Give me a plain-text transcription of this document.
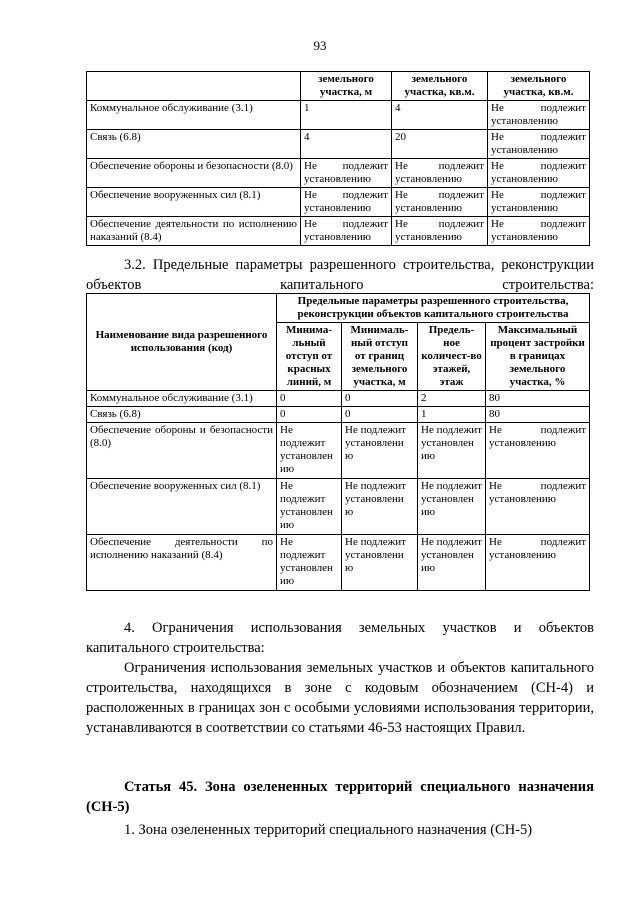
93
	земельного участка, м	земельного участка, кв.м.	земельного участка, кв.м.
Коммунальное обслуживание (3.1)	1	4	Не подлежит установлению
Связь (6.8)	4	20	Не подлежит установлению
Обеспечение обороны и безопасности (8.0)	Не подлежит установлению	Не подлежит установлению	Не подлежит установлению
Обеспечение вооруженных сил (8.1)	Не подлежит установлению	Не подлежит установлению	Не подлежит установлению
Обеспечение деятельности по исполнению наказаний (8.4)	Не подлежит установлению	Не подлежит установлению	Не подлежит установлению
3.2. Предельные параметры разрешенного строительства, реконструкции объектов капитального строительства:
Наименование вида разрешенного использования (код)	Предельные параметры разрешенного строительства, реконструкции объектов капитального строительства			
	Минима-льный отступ от красных линий, м	Минималь-ный отступ от границ земельного участка, м	Предель-ное количест-во этажей, этаж	Максимальный процент застройки в границах земельного участка, %
Коммунальное обслуживание (3.1)	0	0	2	80
Связь (6.8)	0	0	1	80
Обеспечение обороны и безопасности (8.0)	Не подлежит установлен ию	Не подлежит установлени ю	Не подлежит установлен ию	Не подлежит установлению
Обеспечение вооруженных сил (8.1)	Не подлежит установлен ию	Не подлежит установлени ю	Не подлежит установлен ию	Не подлежит установлению
Обеспечение деятельности по исполнению наказаний (8.4)	Не подлежит установлен ию	Не подлежит установлени ю	Не подлежит установлен ию	Не подлежит установлению
4. Ограничения использования земельных участков и объектов капитального строительства:
Ограничения использования земельных участков и объектов капитального строительства, находящихся в зоне с кодовым обозначением (СН-4) и расположенных в границах зон с особыми условиями использования территории, устанавливаются в соответствии со статьями 46-53 настоящих Правил.
Статья 45. Зона озелененных территорий специального назначения (СН-5)
1. Зона озелененных территорий специального назначения (СН-5)
